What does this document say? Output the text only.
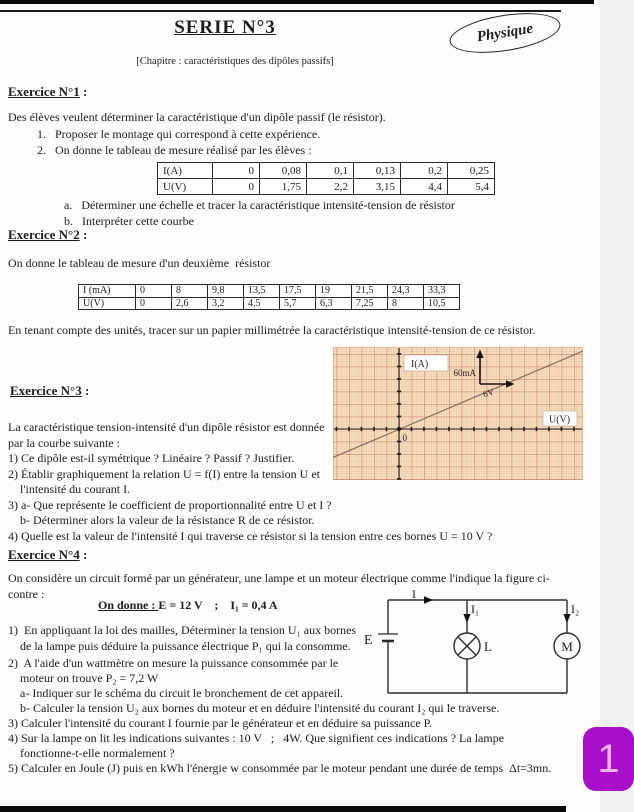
SERIE N°3	Physique
[Chapitre : caractéristiques des dipôles passifs]
Exercice N°1 :
Des élèves veulent déterminer la caractéristique d'un dipôle passif (le résistor).
1.   Proposer le montage qui correspond à cette expérience.
2.   On donne le tableau de mesure réalisé par les élèves :
I(A)	0	0,08	0,1	0,13	0,2	0,25
U(V)	0	1,75	2,2	3,15	4,4	5,4
a.   Déterminer une échelle et tracer la caractéristique intensité-tension de résistor
b.   Interpréter cette courbe
Exercice N°2 :
On donne le tableau de mesure d'un deuxième  résistor
I (mA)	0	8	9,8	13,5	17,5	19	21,5	24,3	33,3
U(V)	0	2,6	3,2	4,5	5,7	6,3	7,25	8	10,5
En tenant compte des unités, tracer sur un papier millimétrée la caractéristique intensité-tension de ce résistor.
I(A)
U(V)
60mA
6V
0
Exercice N°3 :
La caractéristique tension-intensité d'un dipôle résistor est donnée
par la courbe suivante :
1) Ce dipôle est-il symétrique ? Linéaire ? Passif ? Justifier.
2) Établir graphiquement la relation U = f(I) entre la tension U et
l'intensité du courant I.
3) a- Que représente le coefficient de proportionnalité entre U et I ?
b- Déterminer alors la valeur de la résistance R de ce résistor.
4) Quelle est la valeur de l'intensité I qui traverse ce résistor si la tension entre ces bornes U = 10 V ?
Exercice N°4 :
On considère un circuit formé par un générateur, une lampe et un moteur électrique comme l'indique la figure ci-
contre :
On donne : E = 12 V    ;    I₁ = 0,4 A
1)  En appliquant la loi des mailles, Déterminer la tension U₁ aux bornes
de la lampe puis déduire la puissance électrique P₁ qui la consomme.
2)  A l'aide d'un wattmètre on mesure la puissance consommée par le
moteur on trouve P₂ = 7,2 W
a- Indiquer sur le schéma du circuit le bronchement de cet appareil.
b- Calculer la tension U₂ aux bornes du moteur et en déduire l'intensité du courant I₂ qui le traverse.
3) Calculer l'intensité du courant I fournie par le générateur et en déduire sa puissance P.
4) Sur la lampe on lit les indications suivantes : 10 V   ;   4W. Que signifient ces indications ? La lampe
fonctionne-t-elle normalement ?
5) Calculer en Joule (J) puis en kWh l'énergie w consommée par le moteur pendant une durée de temps  Δt=3mn.
E
I
I₁	I₂
L	M
1
